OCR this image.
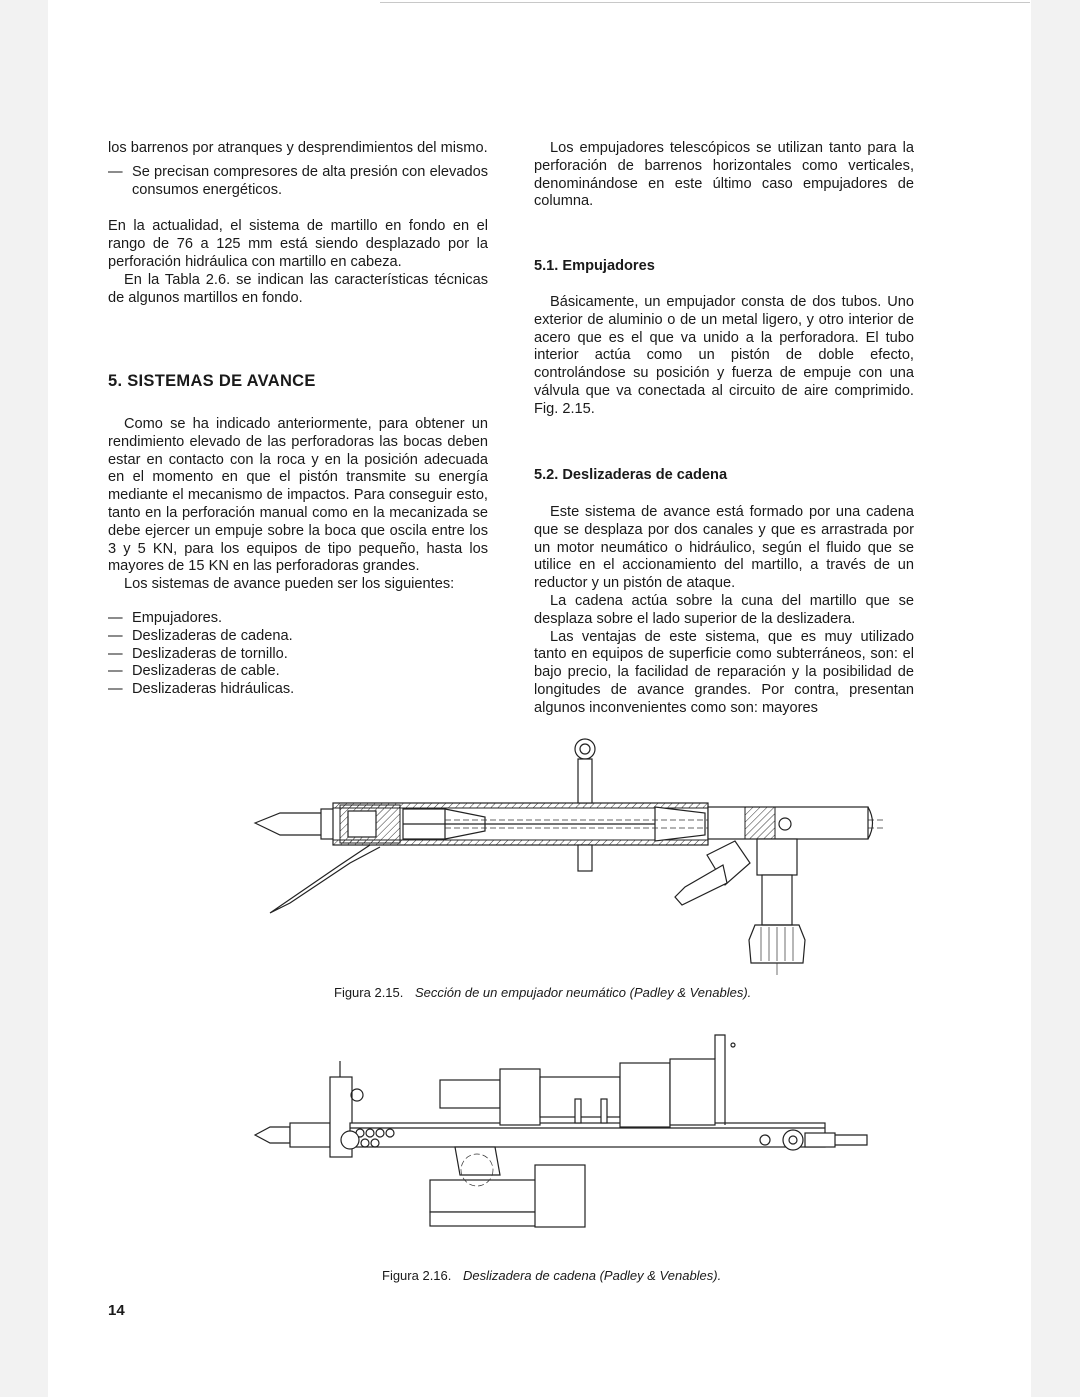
los barrenos por atranques y desprendimientos del mismo.

— Se precisan compresores de alta presión con elevados consumos energéticos.

En la actualidad, el sistema de martillo en fondo en el rango de 76 a 125 mm está siendo desplazado por la perforación hidráulica con martillo en cabeza.

En la Tabla 2.6. se indican las características técnicas de algunos martillos en fondo.

5. SISTEMAS DE AVANCE

Como se ha indicado anteriormente, para obtener un rendimiento elevado de las perforadoras las bocas deben estar en contacto con la roca y en la posición adecuada en el momento en que el pistón transmite su energía mediante el mecanismo de impactos. Para conseguir esto, tanto en la perforación manual como en la mecanizada se debe ejercer un empuje sobre la boca que oscila entre los 3 y 5 KN, para los equipos de tipo pequeño, hasta los mayores de 15 KN en las perforadoras grandes.

Los sistemas de avance pueden ser los siguientes:

— Empujadores.

— Deslizaderas de cadena.

— Deslizaderas de tornillo.

— Deslizaderas de cable.

— Deslizaderas hidráulicas.

Los empujadores telescópicos se utilizan tanto para la perforación de barrenos horizontales como verticales, denominándose en este último caso empujadores de columna.

5.1. Empujadores

Básicamente, un empujador consta de dos tubos. Uno exterior de aluminio o de un metal ligero, y otro interior de acero que es el que va unido a la perforadora. El tubo interior actúa como un pistón de doble efecto, controlándose su posición y fuerza de empuje con una válvula que va conectada al circuito de aire comprimido. Fig. 2.15.

5.2. Deslizaderas de cadena

Este sistema de avance está formado por una cadena que se desplaza por dos canales y que es arrastrada por un motor neumático o hidráulico, según el fluido que se utilice en el accionamiento del martillo, a través de un reductor y un pistón de ataque.

La cadena actúa sobre la cuna del martillo que se desplaza sobre el lado superior de la deslizadera.

Las ventajas de este sistema, que es muy utilizado tanto en equipos de superficie como subterráneos, son: el bajo precio, la facilidad de reparación y la posibilidad de longitudes de avance grandes. Por contra, presentan algunos inconvenientes como son: mayores

Figura 2.15. Sección de un empujador neumático (Padley & Venables).
Figura 2.16. Deslizadera de cadena (Padley & Venables).
14
